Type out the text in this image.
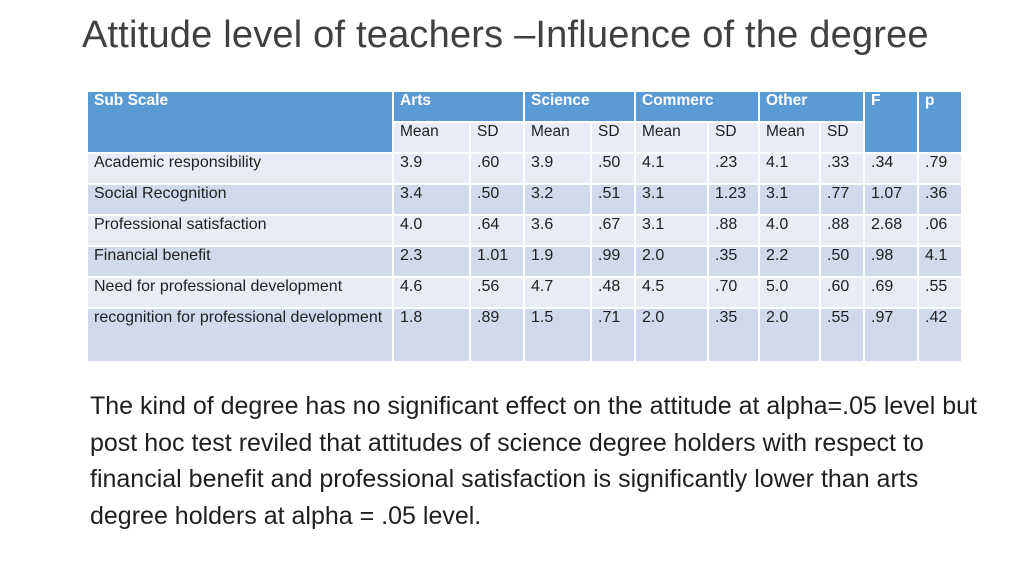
Attitude level of teachers –Influence of the degree
Sub Scale	Arts		Science		Commerc		Other		F	p
	Mean	SD	Mean	SD	Mean	SD	Mean	SD		
Academic responsibility	3.9	.60	3.9	.50	4.1	.23	4.1	.33	.34	.79
Social Recognition	3.4	.50	3.2	.51	3.1	1.23	3.1	.77	1.07	.36
Professional satisfaction	4.0	.64	3.6	.67	3.1	.88	4.0	.88	2.68	.06
Financial benefit	2.3	1.01	1.9	.99	2.0	.35	2.2	.50	.98	4.1
Need for professional development	4.6	.56	4.7	.48	4.5	.70	5.0	.60	.69	.55
recognition for professional development	1.8	.89	1.5	.71	2.0	.35	2.0	.55	.97	.42
The kind of degree has no significant effect on the attitude at alpha=.05 level but post hoc test reviled that attitudes of science degree holders with respect to financial benefit and professional satisfaction is significantly lower than arts degree holders at alpha = .05 level.
